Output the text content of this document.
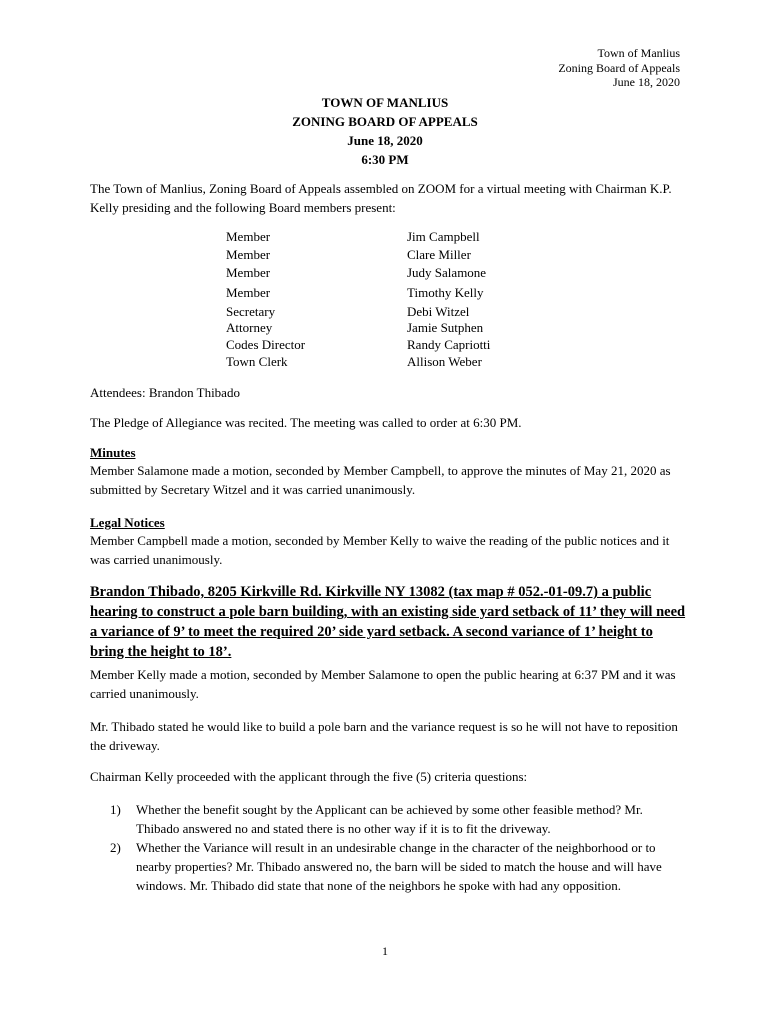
Town of Manlius
Zoning Board of Appeals
June 18, 2020
TOWN OF MANLIUS
ZONING BOARD OF APPEALS
June 18, 2020
6:30 PM

The Town of Manlius, Zoning Board of Appeals assembled on ZOOM for a virtual meeting with Chairman K.P. Kelly presiding and the following Board members present:

Member	Jim Campbell
Member	Clare Miller
Member	Judy Salamone
Member	Timothy Kelly
Secretary	Debi Witzel
Attorney	Jamie Sutphen
Codes Director	Randy Capriotti
Town Clerk	Allison Weber

Attendees: Brandon Thibado

The Pledge of Allegiance was recited. The meeting was called to order at 6:30 PM.

Minutes

Member Salamone made a motion, seconded by Member Campbell, to approve the minutes of May 21, 2020 as submitted by Secretary Witzel and it was carried unanimously.

Legal Notices

Member Campbell made a motion, seconded by Member Kelly to waive the reading of the public notices and it was carried unanimously.

Brandon Thibado, 8205 Kirkville Rd. Kirkville NY 13082 (tax map # 052.-01-09.7) a public hearing to construct a pole barn building, with an existing side yard setback of 11’ they will need a variance of 9’ to meet the required 20’ side yard setback. A second variance of 1’ height to bring the height to 18’.

Member Kelly made a motion, seconded by Member Salamone to open the public hearing at 6:37 PM and it was carried unanimously.

Mr. Thibado stated he would like to build a pole barn and the variance request is so he will not have to reposition the driveway.

Chairman Kelly proceeded with the applicant through the five (5) criteria questions:

1) Whether the benefit sought by the Applicant can be achieved by some other feasible method? Mr. Thibado answered no and stated there is no other way if it is to fit the driveway.
2) Whether the Variance will result in an undesirable change in the character of the neighborhood or to nearby properties? Mr. Thibado answered no, the barn will be sided to match the house and will have windows. Mr. Thibado did state that none of the neighbors he spoke with had any opposition.
1
